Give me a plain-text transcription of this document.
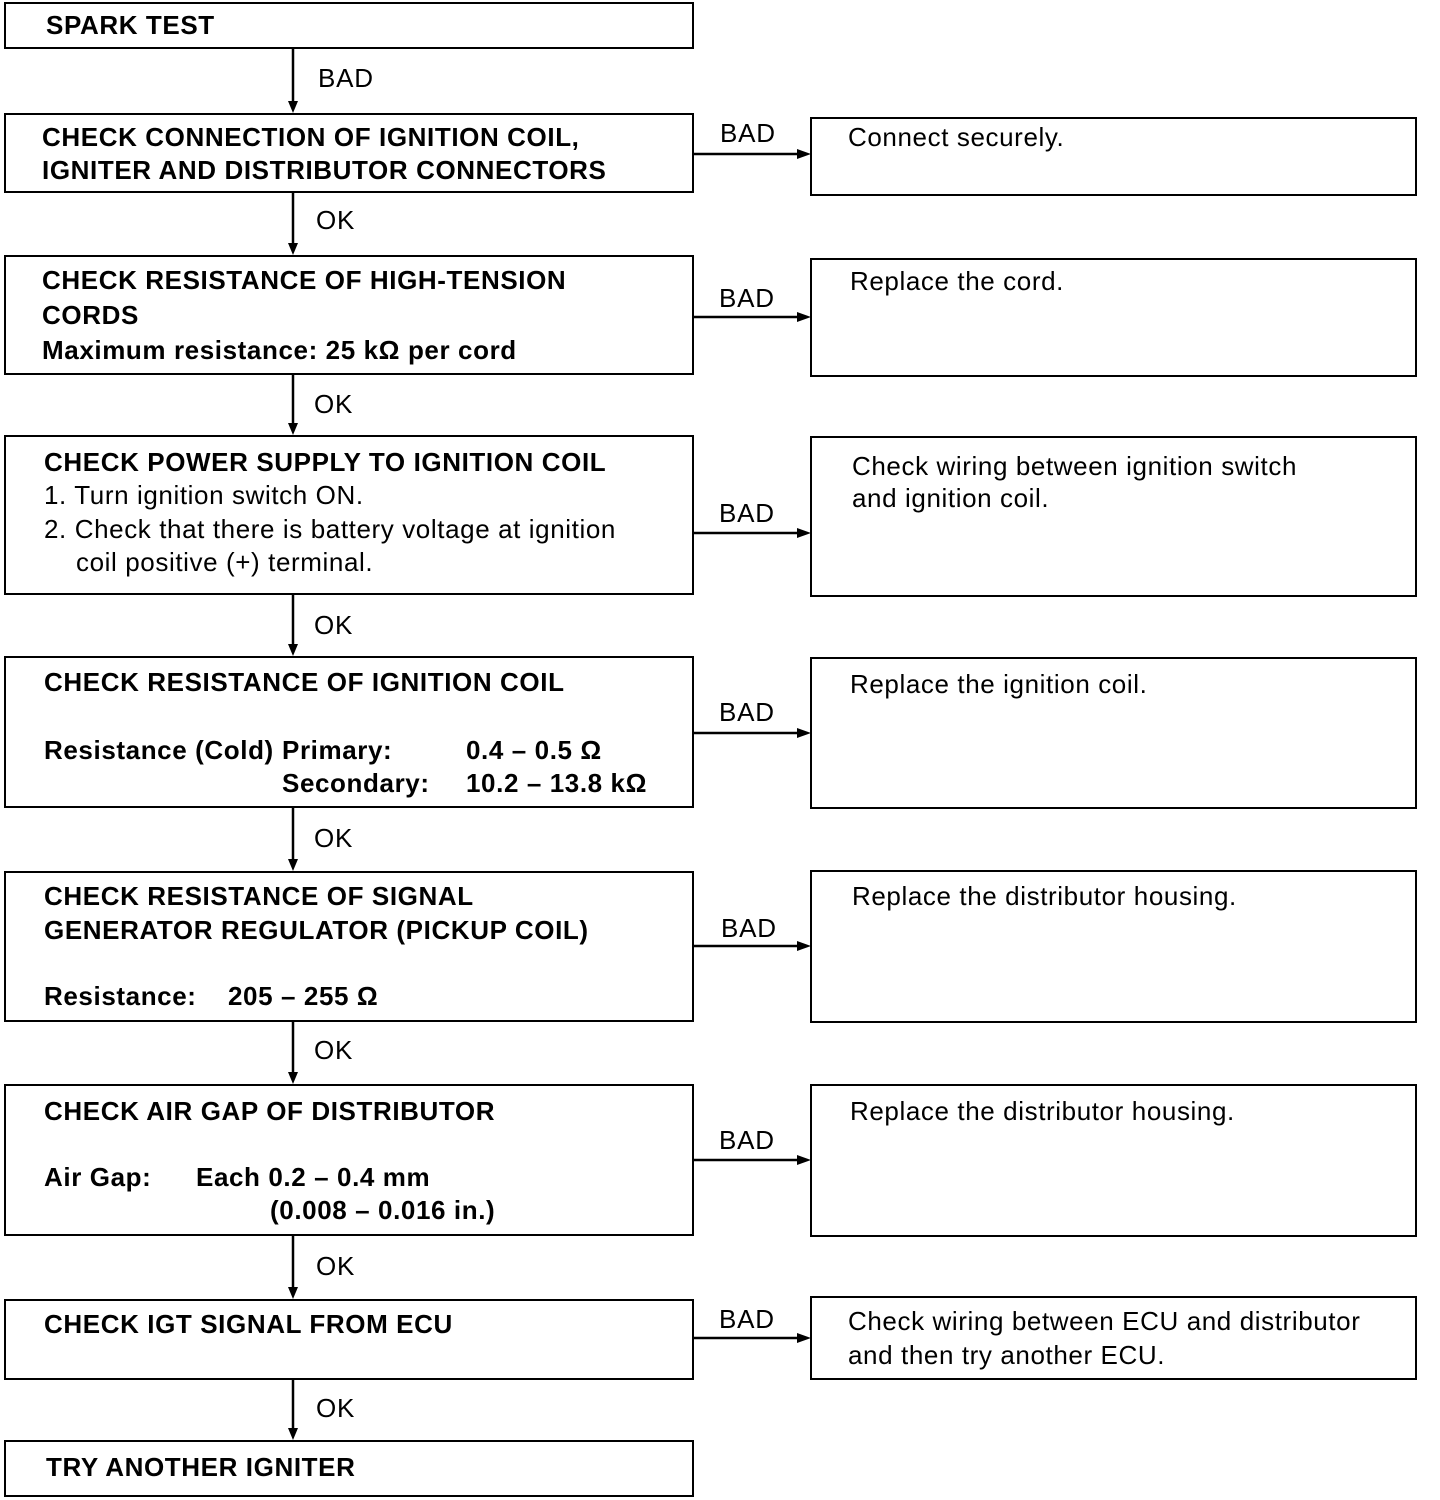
BAD
OK
OK
OK
OK
OK
OK
OK
BAD
BAD
BAD
BAD
BAD
BAD
BAD
SPARK TEST
CHECK CONNECTION OF IGNITION COIL,
IGNITER AND DISTRIBUTOR CONNECTORS
CHECK RESISTANCE OF HIGH-TENSION
CORDS
Maximum resistance: 25 kΩ per cord
CHECK POWER SUPPLY TO IGNITION COIL
1. Turn ignition switch ON.
2. Check that there is battery voltage at ignition
coil positive (+) terminal.
CHECK RESISTANCE OF IGNITION COIL
Resistance (Cold) Primary:	0.4 – 0.5 Ω
Secondary: 10.2 – 13.8 kΩ
CHECK RESISTANCE OF SIGNAL
GENERATOR REGULATOR (PICKUP COIL)
Resistance: 205 – 255 Ω
CHECK AIR GAP OF DISTRIBUTOR
Air Gap: Each 0.2 – 0.4 mm
(0.008 – 0.016 in.)
CHECK IGT SIGNAL FROM ECU
TRY ANOTHER IGNITER
Connect securely.
Replace the cord.
Check wiring between ignition switch
and ignition coil.
Replace the ignition coil.
Replace the distributor housing.
Replace the distributor housing.
Check wiring between ECU and distributor
and then try another ECU.
